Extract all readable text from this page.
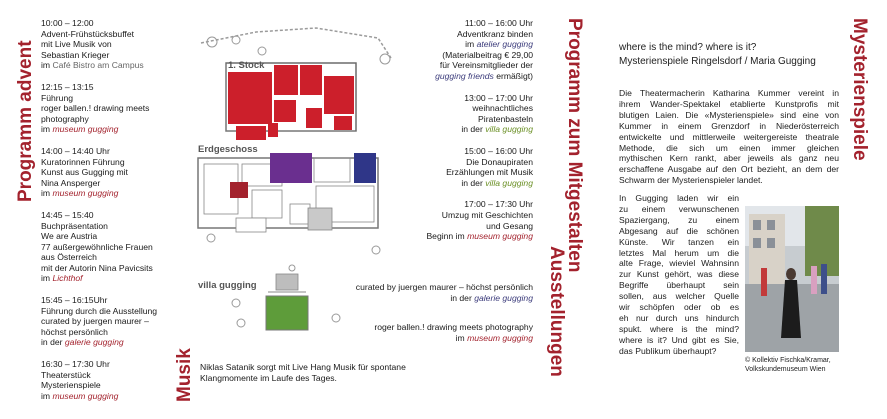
Programm advent	Programm zum Mitgestalten
Ausstellungen
Musik
Mysterienspiele
10:00 – 12:00
Advent-Frühstücksbuffet
mit Live Musik von
Sebastian Krieger
im Café Bistro am Campus
12:15 – 13:15
Führung
roger ballen.! drawing meets
photography
im museum gugging
14:00 – 14:40 Uhr
Kuratorinnen Führung
Kunst aus Gugging mit
Nina Ansperger
im museum gugging
14:45 – 15:40
Buchpräsentation
We are Austria
77 außergewöhnliche Frauen
aus Österreich
mit der Autorin Nina Pavicsits
im Lichthof
15:45 – 16:15Uhr
Führung durch die Ausstellung
curated by juergen maurer –
höchst persönlich
in der galerie gugging
16:30 – 17:30 Uhr
Theaterstück
Mysterienspiele
im museum gugging
11:00 – 16:00 Uhr
Adventkranz binden
im atelier gugging
(Materialbeitrag € 29,00
für Vereinsmitglieder der
gugging friends ermäßigt)
13:00 – 17:00 Uhr
weihnachtliches
Piratenbasteln
in der villa gugging
15:00 – 16:00 Uhr
Die Donaupiraten
Erzählungen mit Musik
in der villa gugging
17:00 – 17:30 Uhr
Umzug mit Geschichten
und Gesang
Beginn im museum gugging
curated by juergen maurer – höchst persönlich
in der galerie gugging
roger ballen.! drawing meets photography
im museum gugging
Niklas Satanik sorgt mit Live Hang Musik für spontane
Klangmomente im Laufe des Tages.
1. Stock
Erdgeschoss
villa gugging
where is the mind? where is it?
Mysterienspiele Ringelsdorf / Maria Gugging
Die Theatermacherin Katharina Kummer vereint in
ihrem Wander-Spektakel etablierte Kunstprofis mit
blutigen Laien. Die «Mysterienspiele» sind eine von
Kummer in einem Grenzdorf in Niederösterreich
entwickelte und mittlerweile weitergereiste theatrale
Methode, die sich um einen immer gleichen
mythischen Kern rankt, aber jeweils als ganz neu
erschaffene Ausgabe auf den Ort bezieht, an dem der
Schwarm der Mysterienspieler landet.
In Gugging laden wir ein
zu einem verwunschenen
Spaziergang, zu einem
Abgesang auf die schönen
Künste. Wir tanzen ein
letztes Mal herum um die
alte Frage, wieviel Wahnsinn
zur Kunst gehört, was diese
Begriffe überhaupt sein
sollen, aus welcher Quelle
wir schöpfen oder ob es
eh nur durch uns hindurch
spukt. where is the mind?
where is it? Und gibt es Sie,
das Publikum überhaupt?
© Kollektiv Fischka/Kramar,
Volkskundemuseum Wien
